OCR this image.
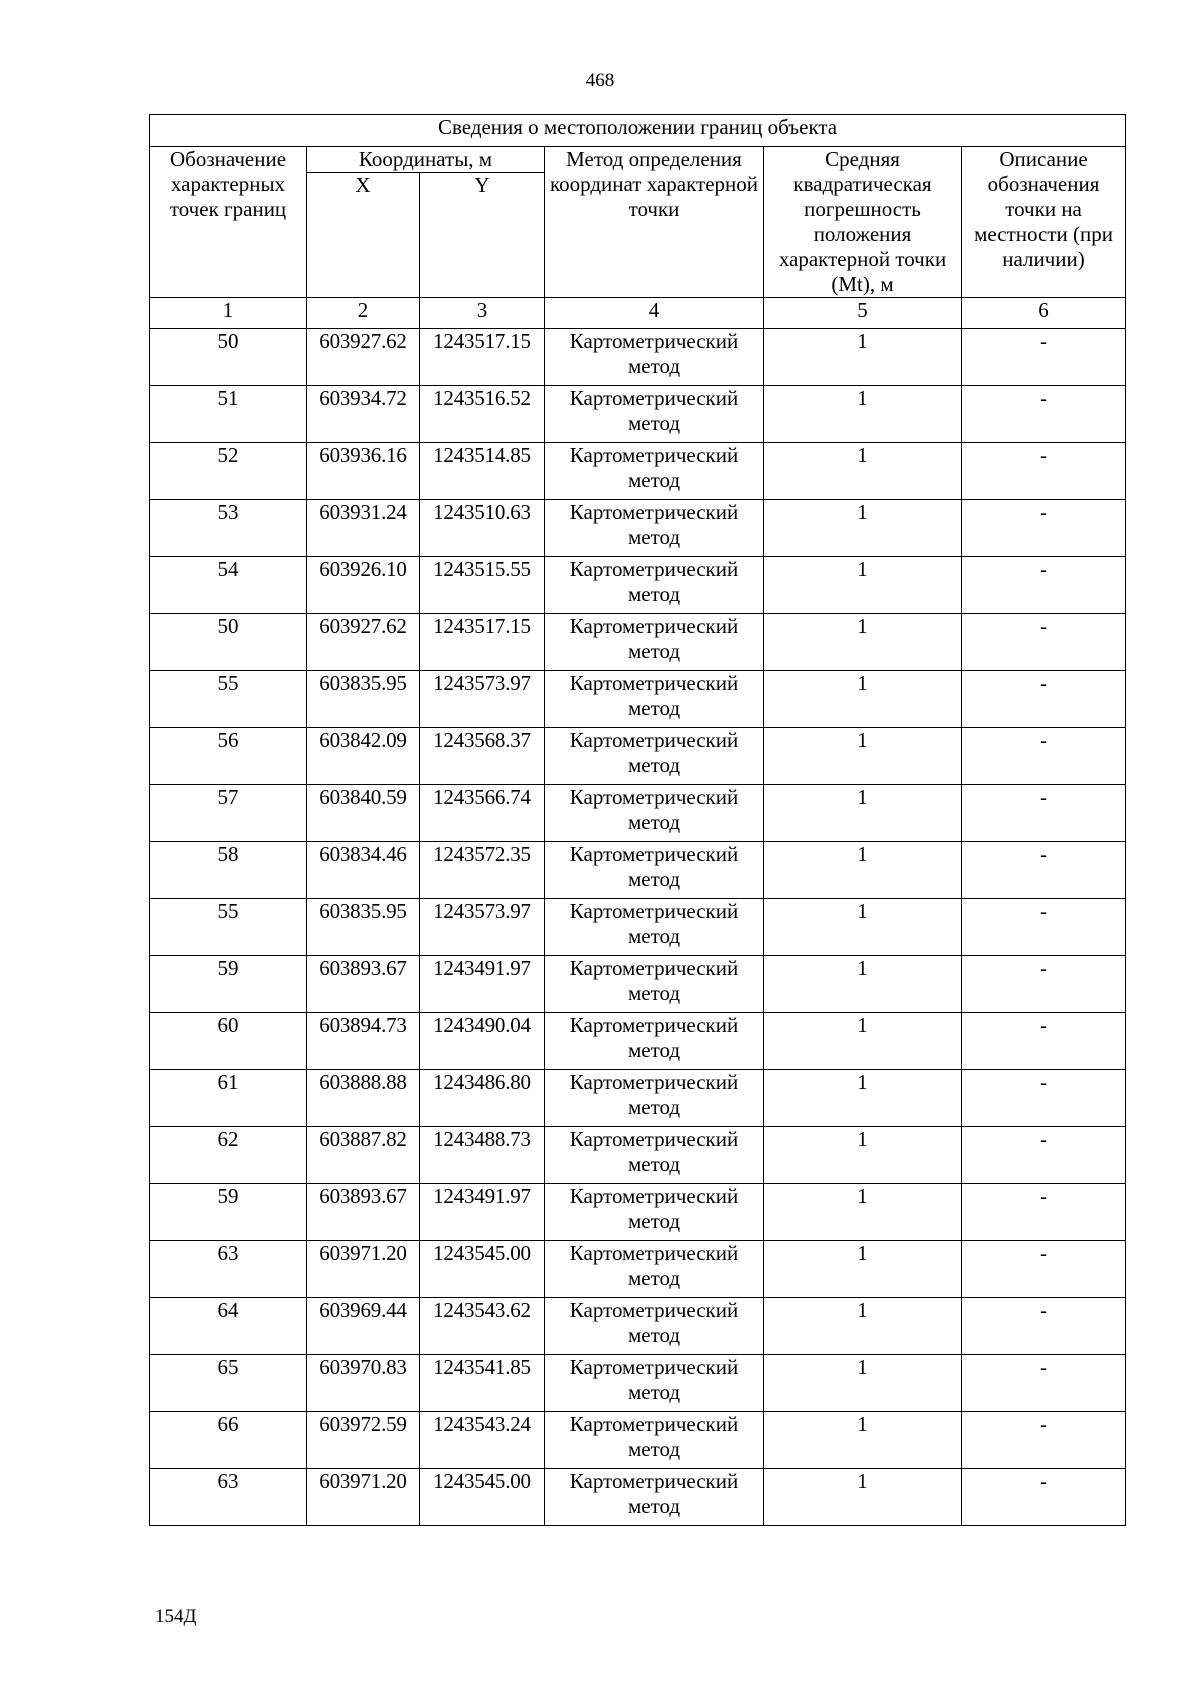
468
Сведения о местоположении границ объекта					
Обозначение характерных точек границ	Координаты, м		Метод определения координат характерной точки	Средняя квадратическая погрешность положения характерной точки (Mt), м	Описание обозначения точки на местности (при наличии)
	X	Y			
1	2	3	4	5	6
50	603927.62	1243517.15	Картометрический метод	1	-
51	603934.72	1243516.52	Картометрический метод	1	-
52	603936.16	1243514.85	Картометрический метод	1	-
53	603931.24	1243510.63	Картометрический метод	1	-
54	603926.10	1243515.55	Картометрический метод	1	-
50	603927.62	1243517.15	Картометрический метод	1	-
55	603835.95	1243573.97	Картометрический метод	1	-
56	603842.09	1243568.37	Картометрический метод	1	-
57	603840.59	1243566.74	Картометрический метод	1	-
58	603834.46	1243572.35	Картометрический метод	1	-
55	603835.95	1243573.97	Картометрический метод	1	-
59	603893.67	1243491.97	Картометрический метод	1	-
60	603894.73	1243490.04	Картометрический метод	1	-
61	603888.88	1243486.80	Картометрический метод	1	-
62	603887.82	1243488.73	Картометрический метод	1	-
59	603893.67	1243491.97	Картометрический метод	1	-
63	603971.20	1243545.00	Картометрический метод	1	-
64	603969.44	1243543.62	Картометрический метод	1	-
65	603970.83	1243541.85	Картометрический метод	1	-
66	603972.59	1243543.24	Картометрический метод	1	-
63	603971.20	1243545.00	Картометрический метод	1	-
154Д
